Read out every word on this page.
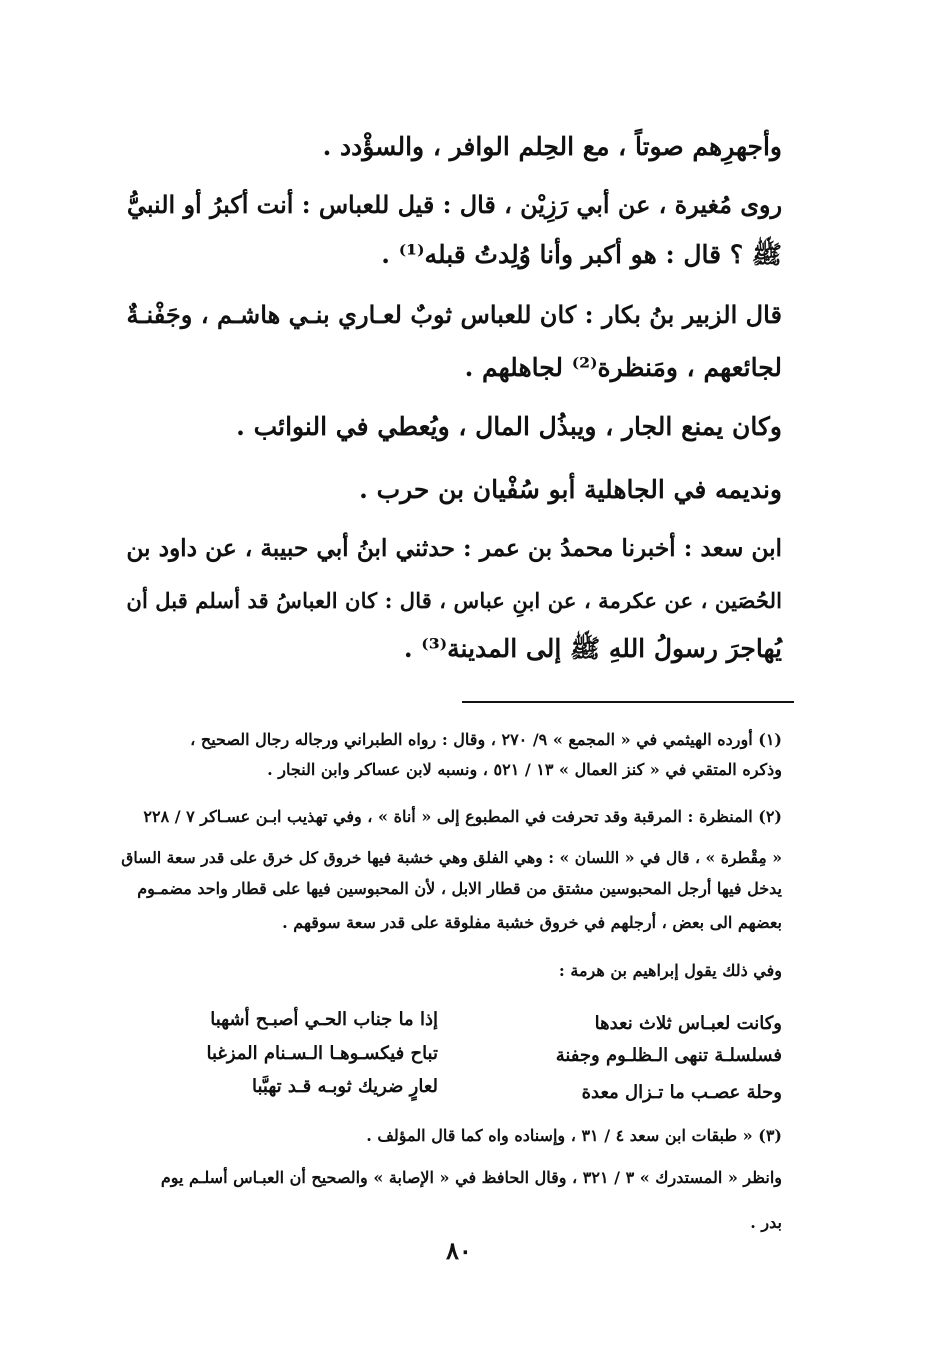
وأجهرِهم صوتاً ، مع الحِلم الوافر ، والسؤْدد .
روى مُغيرة ، عن أبي رَزِيْن ، قال : قيل للعباس : أنت أكبرُ أو النبيُّ
ﷺ ؟ قال : هو أكبر وأنا وُلِدتُ قبله⁽¹⁾ .
قال الزبير بنُ بكار : كان للعباس ثوبٌ لعـاري بنـي هاشـم ، وجَفْنـةٌ
لجائعهم ، ومَنظرة⁽²⁾ لجاهلهم .
وكان يمنع الجار ، ويبذُل المال ، ويُعطي في النوائب .
ونديمه في الجاهلية أبو سُفْيان بن حرب .
ابن سعد : أخبرنا محمدُ بن عمر : حدثني ابنُ أبي حبيبة ، عن داود بن
الحُصَين ، عن عكرمة ، عن ابنِ عباس ، قال : كان العباسُ قد أسلم قبل أن
يُهاجرَ رسولُ اللهِ ﷺ إلى المدينة⁽³⁾ .
(١) أورده الهيثمي في « المجمع » ٩/ ٢٧٠ ، وقال : رواه الطبراني ورجاله رجال الصحيح ،
وذكره المتقي في « كنز العمال » ١٣ / ٥٢١ ، ونسبه لابن عساكر وابن النجار .
(٢) المنظرة : المرقبة وقد تحرفت في المطبوع إلى « أناة » ، وفي تهذيب ابـن عسـاكر ٧ / ٢٢٨
« مِقْطرة » ، قال في « اللسان » : وهي الفلق وهي خشبة فيها خروق كل خرق على قدر سعة الساق
يدخل فيها أرجل المحبوسين مشتق من قطار الابل ، لأن المحبوسين فيها على قطار واحد مضمـوم
بعضهم الى بعض ، أرجلهم في خروق خشبة مفلوقة على قدر سعة سوقهم .
وفي ذلك يقول إبراهيم بن هرمة :
وكانت لعبـاس ثلاث نعدها
إذا ما جناب الحـي أصبـح أشهبا
فسلسلـة تنهى الـظلـوم وجفنة
تباح فيكسـوهـا الـسـنام المزغبا
وحلة عصـب ما تـزال معدة
لعارٍ ضريك ثوبـه قـد تهبَّبا
(٣) « طبقات ابن سعد ٤ / ٣١ ، وإسناده واه كما قال المؤلف .
وانظر « المستدرك » ٣ / ٣٢١ ، وقال الحافظ في « الإصابة » والصحيح أن العبـاس أسلـم يوم
بدر .
٨٠
